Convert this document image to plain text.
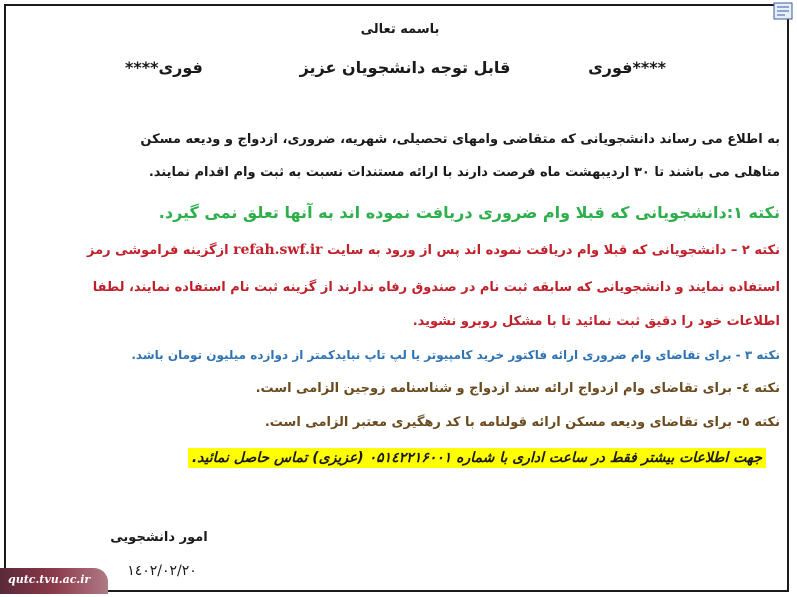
باسمه تعالی
****فوری
قابل توجه دانشجویان عزیز
فوری****
به اطلاع می رساند دانشجویانی که متقاضی وامهای تحصیلی، شهریه، ضروری، ازدواج و ودیعه مسکن
متاهلی می باشند تا ۳۰ اردیبهشت ماه فرصت دارند با ارائه مستندات نسبت به ثبت وام اقدام نمایند.
نکته ۱:دانشجویانی که قبلا وام ضروری دریافت نموده اند به آنها تعلق نمی گیرد.
نکته ۲ – دانشجویانی که قبلا وام دریافت نموده اند پس از ورود به سایت refah.swf.ir ازگزینه فراموشی رمز
استفاده نمایند و دانشجویانی که سابقه ثبت نام در صندوق رفاه ندارند از گزینه ثبت نام استفاده نمایند، لطفا
اطلاعات خود را دقیق ثبت نمائید تا با مشکل روبرو نشوید.
نکته ۳ - برای تقاضای وام ضروری ارائه فاکتور خرید کامپیوتر یا لپ تاپ نبایدکمتر از دوازده میلیون تومان باشد.
نکته ٤- برای تقاضای وام ازدواج ارائه سند ازدواج و شناسنامه زوجین الزامی است.
نکته ٥- برای تقاضای ودیعه مسکن ارائه قولنامه با کد رهگیری معتبر الزامی است.
جهت اطلاعات بیشتر فقط در ساعت اداری با شماره ۰۵۱٤۲۲۱۶۰۰۱ (عزیزی) تماس حاصل نمائید.
امور دانشجویی
۱٤۰۲/۰۲/۲۰
qutc.tvu.ac.ir
